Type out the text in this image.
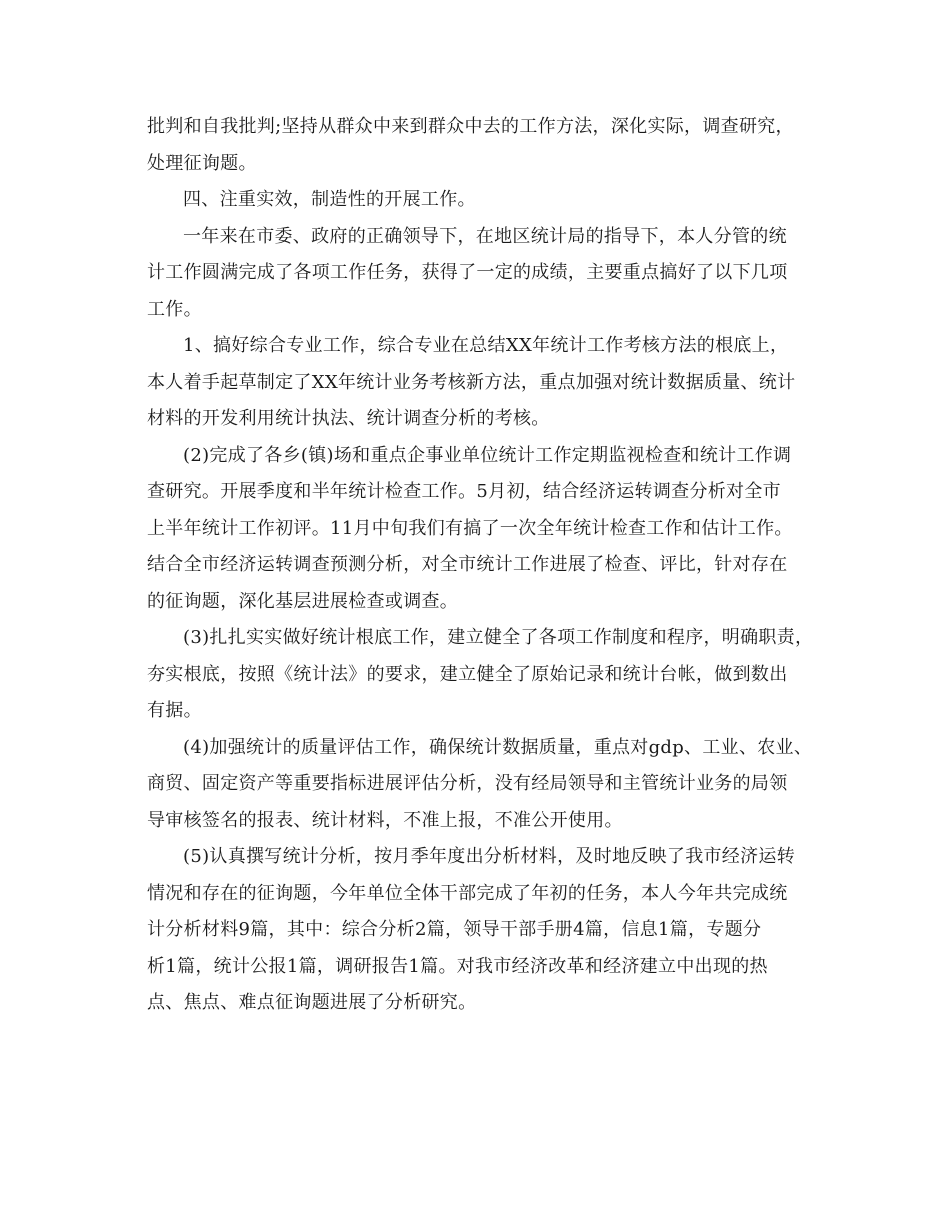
批判和自我批判;坚持从群众中来到群众中去的工作方法，深化实际，调查研究，
处理征询题。
四、注重实效，制造性的开展工作。
一年来在市委、政府的正确领导下，在地区统计局的指导下，本人分管的统
计工作圆满完成了各项工作任务，获得了一定的成绩，主要重点搞好了以下几项
工作。
1、搞好综合专业工作，综合专业在总结XX年统计工作考核方法的根底上，
本人着手起草制定了XX年统计业务考核新方法，重点加强对统计数据质量、统计
材料的开发利用统计执法、统计调查分析的考核。
(2)完成了各乡(镇)场和重点企事业单位统计工作定期监视检查和统计工作调
查研究。开展季度和半年统计检查工作。5月初，结合经济运转调查分析对全市
上半年统计工作初评。11月中旬我们有搞了一次全年统计检查工作和估计工作。
结合全市经济运转调查预测分析，对全市统计工作进展了检查、评比，针对存在
的征询题，深化基层进展检查或调查。
(3)扎扎实实做好统计根底工作，建立健全了各项工作制度和程序，明确职责，
夯实根底，按照《统计法》的要求，建立健全了原始记录和统计台帐，做到数出
有据。
(4)加强统计的质量评估工作，确保统计数据质量，重点对gdp、工业、农业、
商贸、固定资产等重要指标进展评估分析，没有经局领导和主管统计业务的局领
导审核签名的报表、统计材料，不准上报，不准公开使用。
(5)认真撰写统计分析，按月季年度出分析材料，及时地反映了我市经济运转
情况和存在的征询题，今年单位全体干部完成了年初的任务，本人今年共完成统
计分析材料9篇，其中：综合分析2篇，领导干部手册4篇，信息1篇，专题分
析1篇，统计公报1篇，调研报告1篇。对我市经济改革和经济建立中出现的热
点、焦点、难点征询题进展了分析研究。
